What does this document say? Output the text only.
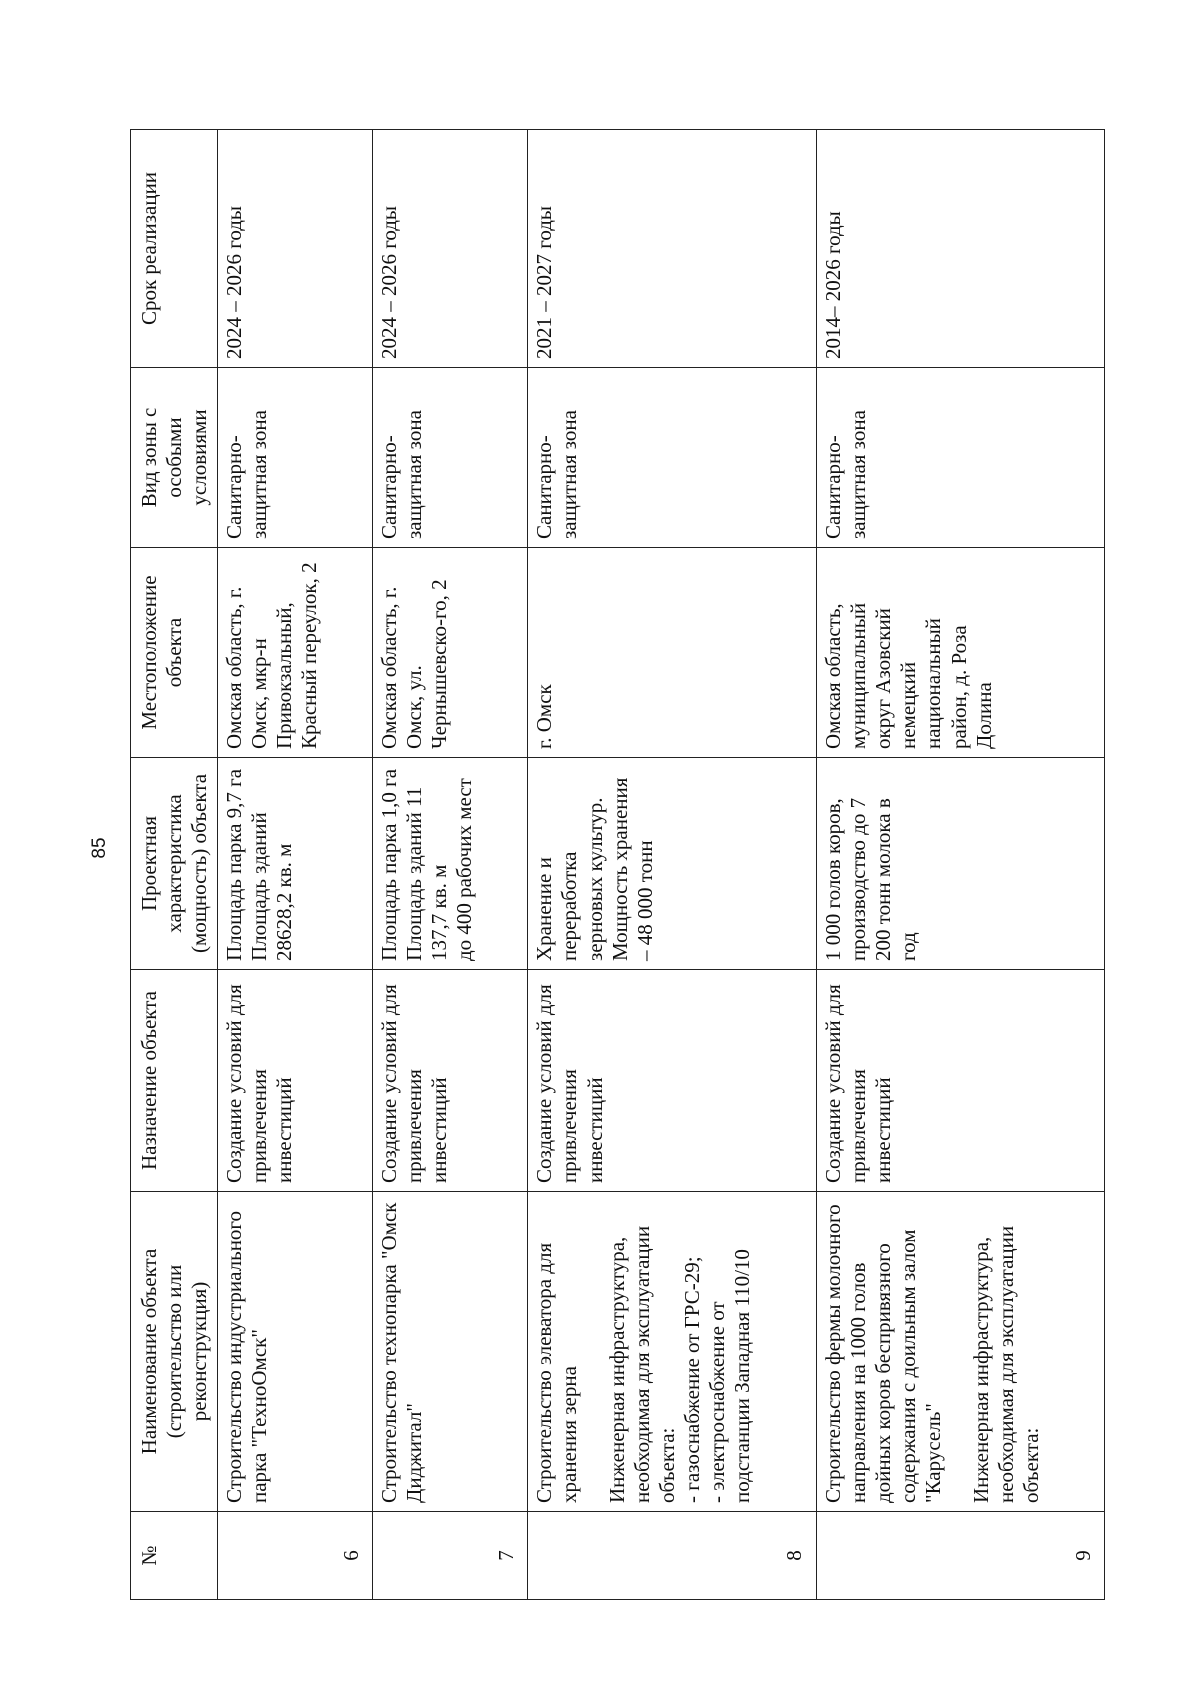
85
№	Наименование объекта (строительство или реконструкция)	Назначение объекта	Проектная характеристика (мощность) объекта	Местоположение объекта	Вид зоны с особыми условиями	Срок реализации
6	Строительство индустриального парка "ТехноОмск"	Создание условий для привлечения инвестиций	Площадь парка 9,7 га Площадь зданий 28628,2 кв. м	Омская область, г. Омск, мкр-н Привокзальный, Красный переулок, 2	Санитарно-защитная зона	2024 – 2026 годы
7	Строительство технопарка "Омск Диджитал"	Создание условий для привлечения инвестиций	Площадь парка 1,0 га Площадь зданий 11 137,7 кв. м до 400 рабочих мест	Омская область, г. Омск, ул. Чернышевско-го, 2	Санитарно-защитная зона	2024 – 2026 годы
8	Строительство элеватора для хранения зерна Инженерная инфраструктура, необходимая для эксплуатации объекта: - газоснабжение от ГРС-29; - электроснабжение от подстанции Западная 110/10	Создание условий для привлечения инвестиций	Хранение и переработка зерновых культур. Мощность хранения – 48 000 тонн	г. Омск	Санитарно-защитная зона	2021 – 2027 годы
9	Строительство фермы молочного направления на 1000 голов дойных коров беспривязного содержания с доильным залом "Карусель" Инженерная инфраструктура, необходимая для эксплуатации объекта:	Создание условий для привлечения инвестиций	1 000 голов коров, производство до 7 200 тонн молока в год	Омская область, муниципальный округ Азовский немецкий национальный район, д. Роза Долина	Санитарно-защитная зона	2014– 2026 годы
